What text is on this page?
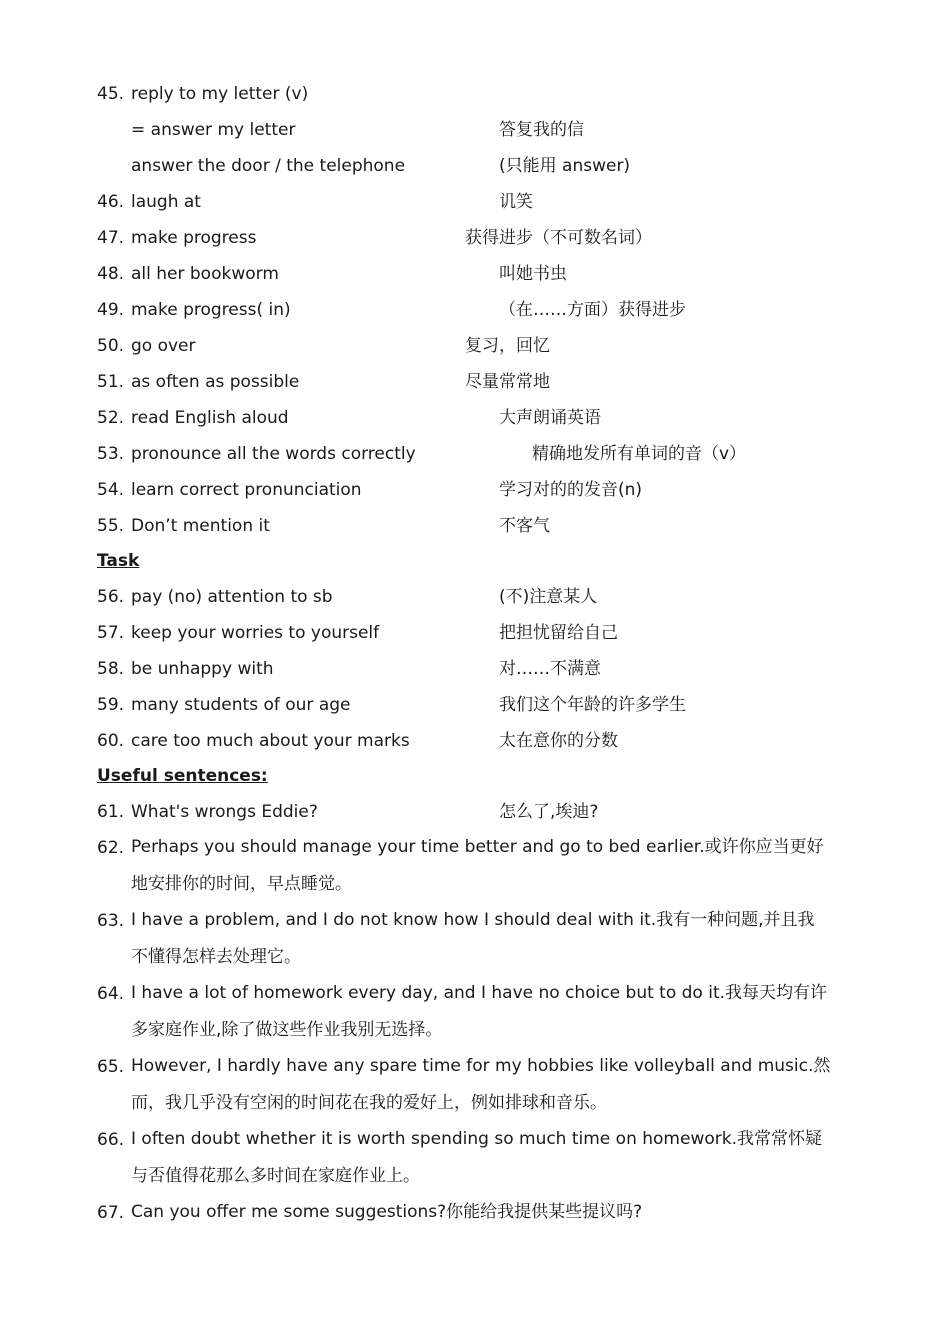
45. reply to my letter (v)
= answer my letter	答复我的信
answer the door / the telephone	(只能用 answer)
46. laugh at	讥笑
47. make progress	获得进步（不可数名词）
48. all her bookworm	叫她书虫
49. make progress( in)	（在……方面）获得进步
50. go over	复习，回忆
51. as often as possible	尽量常常地
52. read English aloud	大声朗诵英语
53. pronounce all the words correctly	精确地发所有单词的音（v）
54. learn correct pronunciation	学习对的的发音(n)
55. Don’t mention it	不客气
Task
56. pay (no) attention to sb	(不)注意某人
57. keep your worries to yourself	把担忧留给自己
58. be unhappy with	对……不满意
59. many students of our age	我们这个年龄的许多学生
60. care too much about your marks	太在意你的分数
Useful sentences:
61. What's wrongs Eddie?	怎么了,埃迪?
62. Perhaps you should manage your time better and go to bed earlier.或许你应当更好地安排你的时间，早点睡觉。
63. I have a problem, and I do not know how I should deal with it.我有一种问题,并且我不懂得怎样去处理它。
64. I have a lot of homework every day, and I have no choice but to do it.我每天均有许多家庭作业,除了做这些作业我别无选择。
65. However, I hardly have any spare time for my hobbies like volleyball and music.然而，我几乎没有空闲的时间花在我的爱好上，例如排球和音乐。
66. I often doubt whether it is worth spending so much time on homework.我常常怀疑与否值得花那么多时间在家庭作业上。
67. Can you offer me some suggestions?你能给我提供某些提议吗?
